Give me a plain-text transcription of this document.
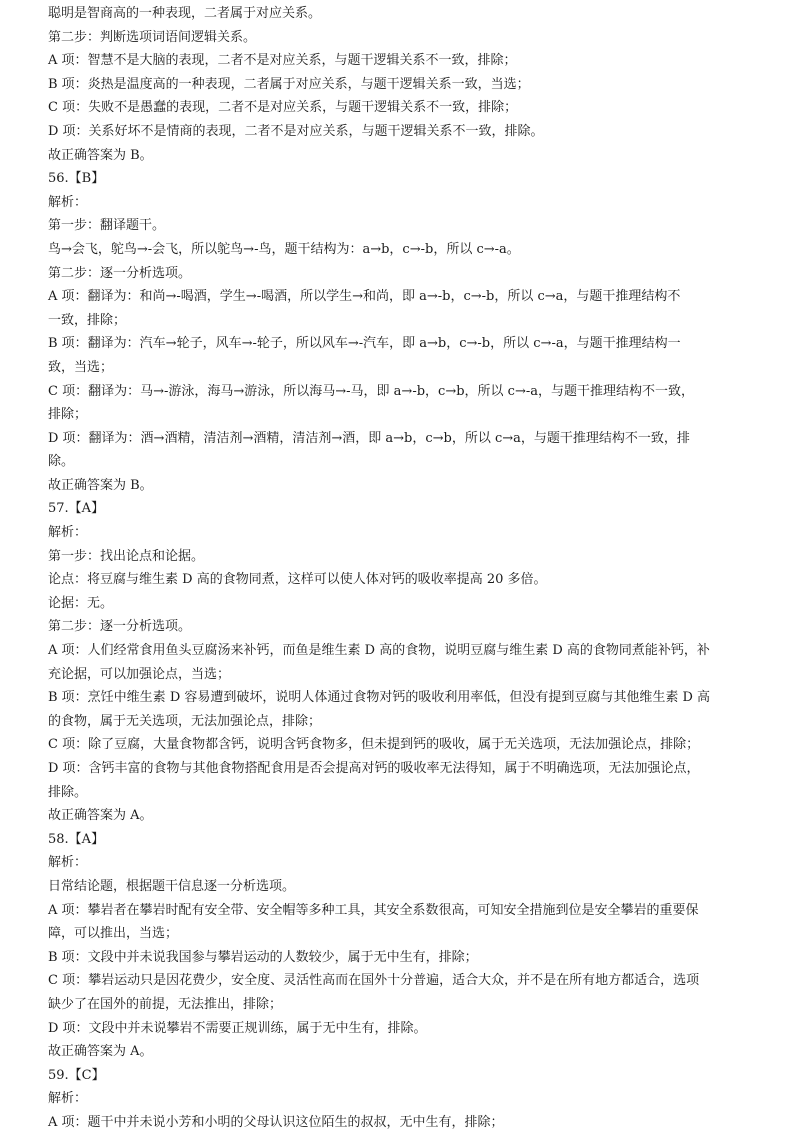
聪明是智商高的一种表现，二者属于对应关系。
第二步：判断选项词语间逻辑关系。
A 项：智慧不是大脑的表现，二者不是对应关系，与题干逻辑关系不一致，排除；
B 项：炎热是温度高的一种表现，二者属于对应关系，与题干逻辑关系一致，当选；
C 项：失败不是愚蠢的表现，二者不是对应关系，与题干逻辑关系不一致，排除；
D 项：关系好坏不是情商的表现，二者不是对应关系，与题干逻辑关系不一致，排除。
故正确答案为 B。
56.【B】
解析：
第一步：翻译题干。
鸟→会飞，鸵鸟→-会飞，所以鸵鸟→-鸟，题干结构为：a→b，c→-b，所以 c→-a。
第二步：逐一分析选项。
A 项：翻译为：和尚→-喝酒，学生→-喝酒，所以学生→和尚，即 a→-b，c→-b，所以 c→a，与题干推理结构不
一致，排除；
B 项：翻译为：汽车→轮子，风车→-轮子，所以风车→-汽车，即 a→b，c→-b，所以 c→-a，与题干推理结构一
致，当选；
C 项：翻译为：马→-游泳，海马→游泳，所以海马→-马，即 a→-b，c→b，所以 c→-a，与题干推理结构不一致，
排除；
D 项：翻译为：酒→酒精，清洁剂→酒精，清洁剂→酒，即 a→b，c→b，所以 c→a，与题干推理结构不一致，排
除。
故正确答案为 B。
57.【A】
解析：
第一步：找出论点和论据。
论点：将豆腐与维生素 D 高的食物同煮，这样可以使人体对钙的吸收率提高 20 多倍。
论据：无。
第二步：逐一分析选项。
A 项：人们经常食用鱼头豆腐汤来补钙，而鱼是维生素 D 高的食物，说明豆腐与维生素 D 高的食物同煮能补钙，补
充论据，可以加强论点，当选；
B 项：烹饪中维生素 D 容易遭到破坏，说明人体通过食物对钙的吸收利用率低，但没有提到豆腐与其他维生素 D 高
的食物，属于无关选项，无法加强论点，排除；
C 项：除了豆腐，大量食物都含钙，说明含钙食物多，但未提到钙的吸收，属于无关选项，无法加强论点，排除；
D 项：含钙丰富的食物与其他食物搭配食用是否会提高对钙的吸收率无法得知，属于不明确选项，无法加强论点，
排除。
故正确答案为 A。
58.【A】
解析：
日常结论题，根据题干信息逐一分析选项。
A 项：攀岩者在攀岩时配有安全带、安全帽等多种工具，其安全系数很高，可知安全措施到位是安全攀岩的重要保
障，可以推出，当选；
B 项：文段中并未说我国参与攀岩运动的人数较少，属于无中生有，排除；
C 项：攀岩运动只是因花费少，安全度、灵活性高而在国外十分普遍，适合大众，并不是在所有地方都适合，选项
缺少了在国外的前提，无法推出，排除；
D 项：文段中并未说攀岩不需要正规训练，属于无中生有，排除。
故正确答案为 A。
59.【C】
解析：
A 项：题干中并未说小芳和小明的父母认识这位陌生的叔叔，无中生有，排除；
